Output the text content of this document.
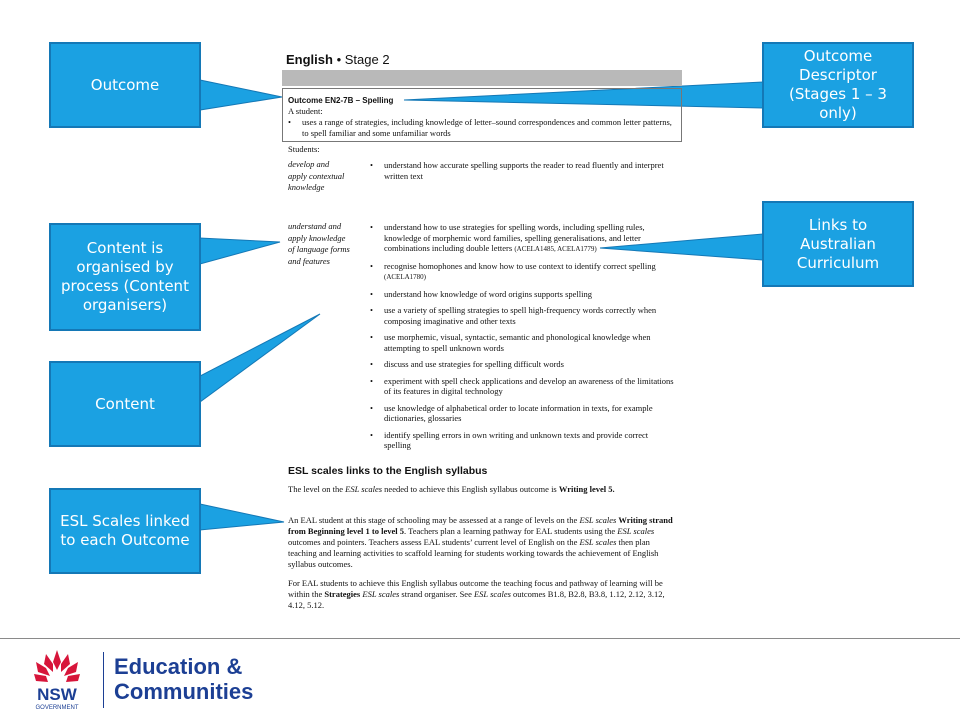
Outcome
Outcome Descriptor (Stages 1 – 3 only)
Content is organised by process (Content organisers)
Links to Australian Curriculum
Content
ESL Scales linked to each Outcome
English • Stage 2
Outcome EN2-7B – Spelling
A student:
•	uses a range of strategies, including knowledge of letter–sound correspondences and common letter patterns, to spell familiar and some unfamiliar words
Students:
develop and apply contextual knowledge
•	understand how accurate spelling supports the reader to read fluently and interpret written text
understand and apply knowledge of language forms and features
•	understand how to use strategies for spelling words, including spelling rules, knowledge of morphemic word families, spelling generalisations, and letter combinations including double letters (ACELA1485, ACELA1779)
•	recognise homophones and know how to use context to identify correct spelling (ACELA1780)
•	understand how knowledge of word origins supports spelling
•	use a variety of spelling strategies to spell high-frequency words correctly when composing imaginative and other texts
•	use morphemic, visual, syntactic, semantic and phonological knowledge when attempting to spell unknown words
•	discuss and use strategies for spelling difficult words
•	experiment with spell check applications and develop an awareness of the limitations of its features in digital technology
•	use knowledge of alphabetical order to locate information in texts, for example dictionaries, glossaries
•	identify spelling errors in own writing and unknown texts and provide correct spelling
ESL scales links to the English syllabus
The level on the ESL scales needed to achieve this English syllabus outcome is Writing level 5.
An EAL student at this stage of schooling may be assessed at a range of levels on the ESL scales Writing strand from Beginning level 1 to level 5. Teachers plan a learning pathway for EAL students using the ESL scales outcomes and pointers. Teachers assess EAL students’ current level of English on the ESL scales then plan teaching and learning activities to scaffold learning for students working towards the achievement of English syllabus outcomes.
For EAL students to achieve this English syllabus outcome the teaching focus and pathway of learning will be within the Strategies ESL scales strand organiser. See ESL scales outcomes B1.8, B2.8, B3.8, 1.12, 2.12, 3.12, 4.12, 5.12.
NSW
GOVERNMENT
Education &
Communities
